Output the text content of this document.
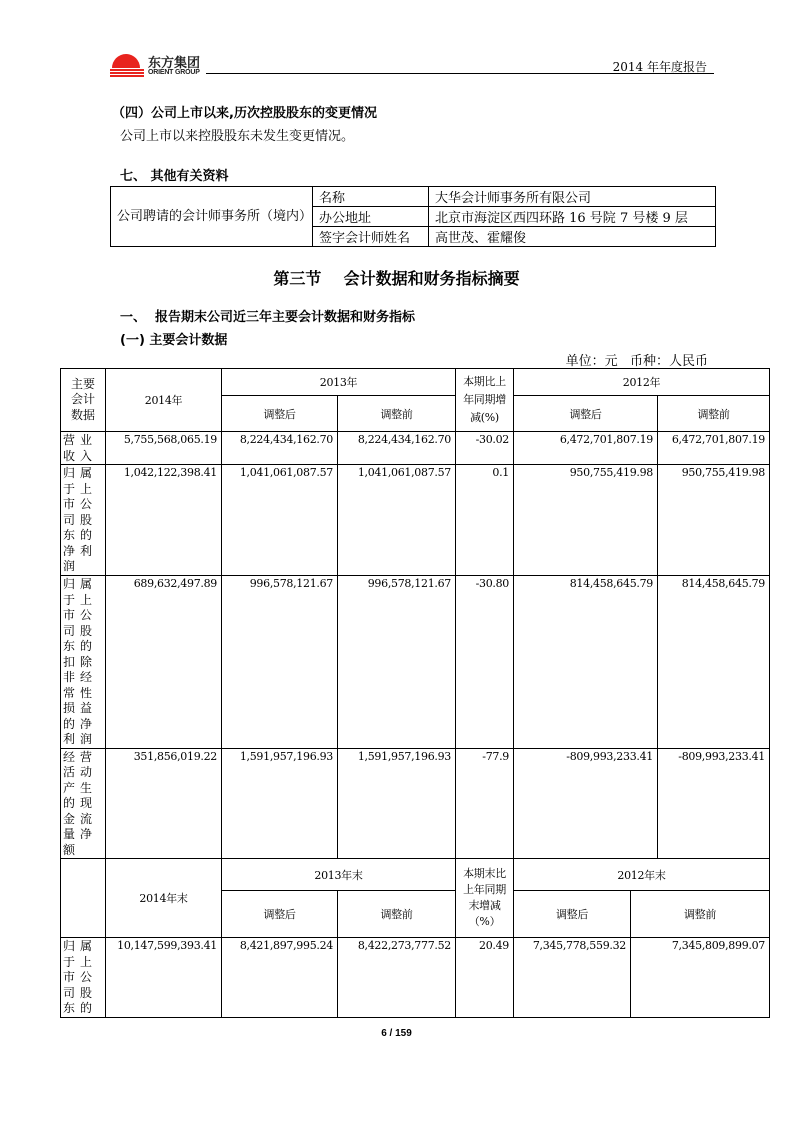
东方集团
ORIENT GROUP	2014 年年度报告
（四）公司上市以来,历次控股股东的变更情况
公司上市以来控股股东未发生变更情况。
七、 其他有关资料
公司聘请的会计师事务所（境内）	名称	大华会计师事务所有限公司
	办公地址	北京市海淀区西四环路 16 号院 7 号楼 9 层
	签字会计师姓名	高世茂、霍耀俊
第三节    会计数据和财务指标摘要
一、  报告期末公司近三年主要会计数据和财务指标
(一) 主要会计数据
单位：元   币种：人民币
主要会计数据	2014年	2013年		本期比上年同期增减(%)	2012年		
		调整后	调整前		调整后		调整前
营业收入	5,755,568,065.19	8,224,434,162.70	8,224,434,162.70	-30.02	6,472,701,807.19		6,472,701,807.19
归属于上市公司股东的净利润	1,042,122,398.41	1,041,061,087.57	1,041,061,087.57	0.1	950,755,419.98		950,755,419.98
归属于上市公司股东的扣除非经常性损益的净利润	689,632,497.89	996,578,121.67	996,578,121.67	-30.80	814,458,645.79		814,458,645.79
经营活动产生的现金流量净额	351,856,019.22	1,591,957,196.93	1,591,957,196.93	-77.9	-809,993,233.41		-809,993,233.41
	2014年末	2013年末		本期末比上年同期末增减（%）	2012年末		
		调整后	调整前		调整后	调整前	
归属于上市公司股东的	10,147,599,393.41	8,421,897,995.24	8,422,273,777.52	20.49	7,345,778,559.32	7,345,809,899.07	
6 / 159
